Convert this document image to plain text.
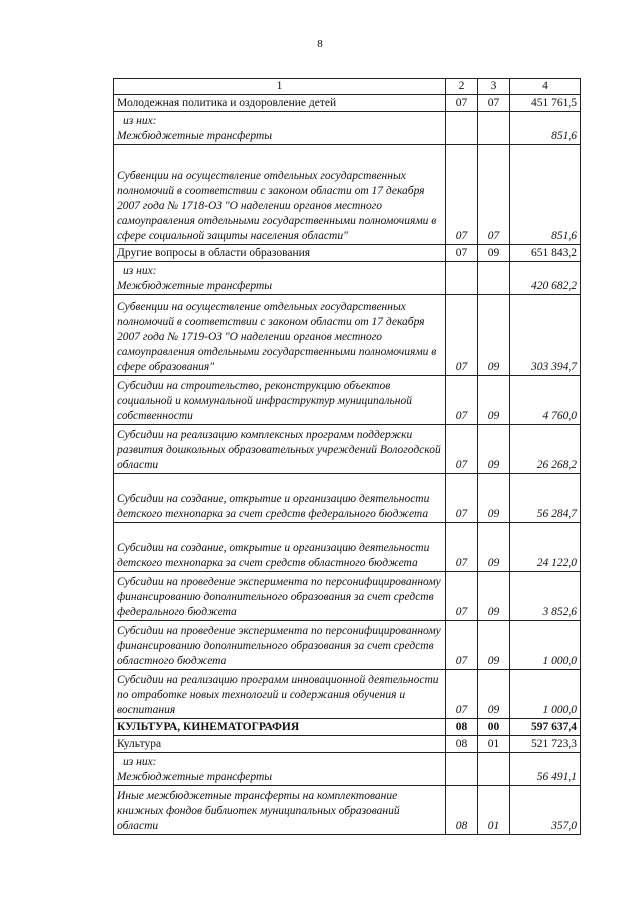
8
1	2	3	4
Молодежная политика и оздоровление детей	07	07	451 761,5

из них:
Межбюджетные трансферты			851,6
Субвенции на осуществление отдельных государственных полномочий в соответствии с законом области от 17 декабря 2007 года № 1718-ОЗ "О наделении органов местного самоуправления отдельными государственными полномочиями в сфере социальной защиты населения области"	07	07	851,6
Другие вопросы в области образования	07	09	651 843,2

из них:
Межбюджетные трансферты			420 682,2
Субвенции на осуществление отдельных государственных полномочий в соответствии с законом области от 17 декабря 2007 года № 1719-ОЗ "О наделении органов местного самоуправления отдельными государственными полномочиями в сфере образования"	07	09	303 394,7
Субсидии на строительство, реконструкцию объектов социальной и коммунальной инфраструктур муниципальной собственности	07	09	4 760,0
Субсидии на реализацию комплексных программ поддержки развития дошкольных образовательных учреждений Вологодской области	07	09	26 268,2
Субсидии на создание, открытие и организацию деятельности детского технопарка за счет средств федерального бюджета	07	09	56 284,7
Субсидии на создание, открытие и организацию деятельности детского технопарка за счет средств областного бюджета	07	09	24 122,0
Субсидии на проведение эксперимента по персонифицированному финансированию дополнительного образования за счет средств федерального бюджета	07	09	3 852,6
Субсидии на проведение эксперимента по персонифицированному финансированию дополнительного образования за счет средств областного бюджета	07	09	1 000,0
Субсидии на реализацию программ инновационной деятельности по отработке новых технологий и содержания обучения и воспитания	07	09	1 000,0
КУЛЬТУРА, КИНЕМАТОГРАФИЯ	08	00	597 637,4
Культура	08	01	521 723,3

из них:
Межбюджетные трансферты			56 491,1
Иные межбюджетные трансферты на комплектование книжных фондов библиотек муниципальных образований области	08	01	357,0
